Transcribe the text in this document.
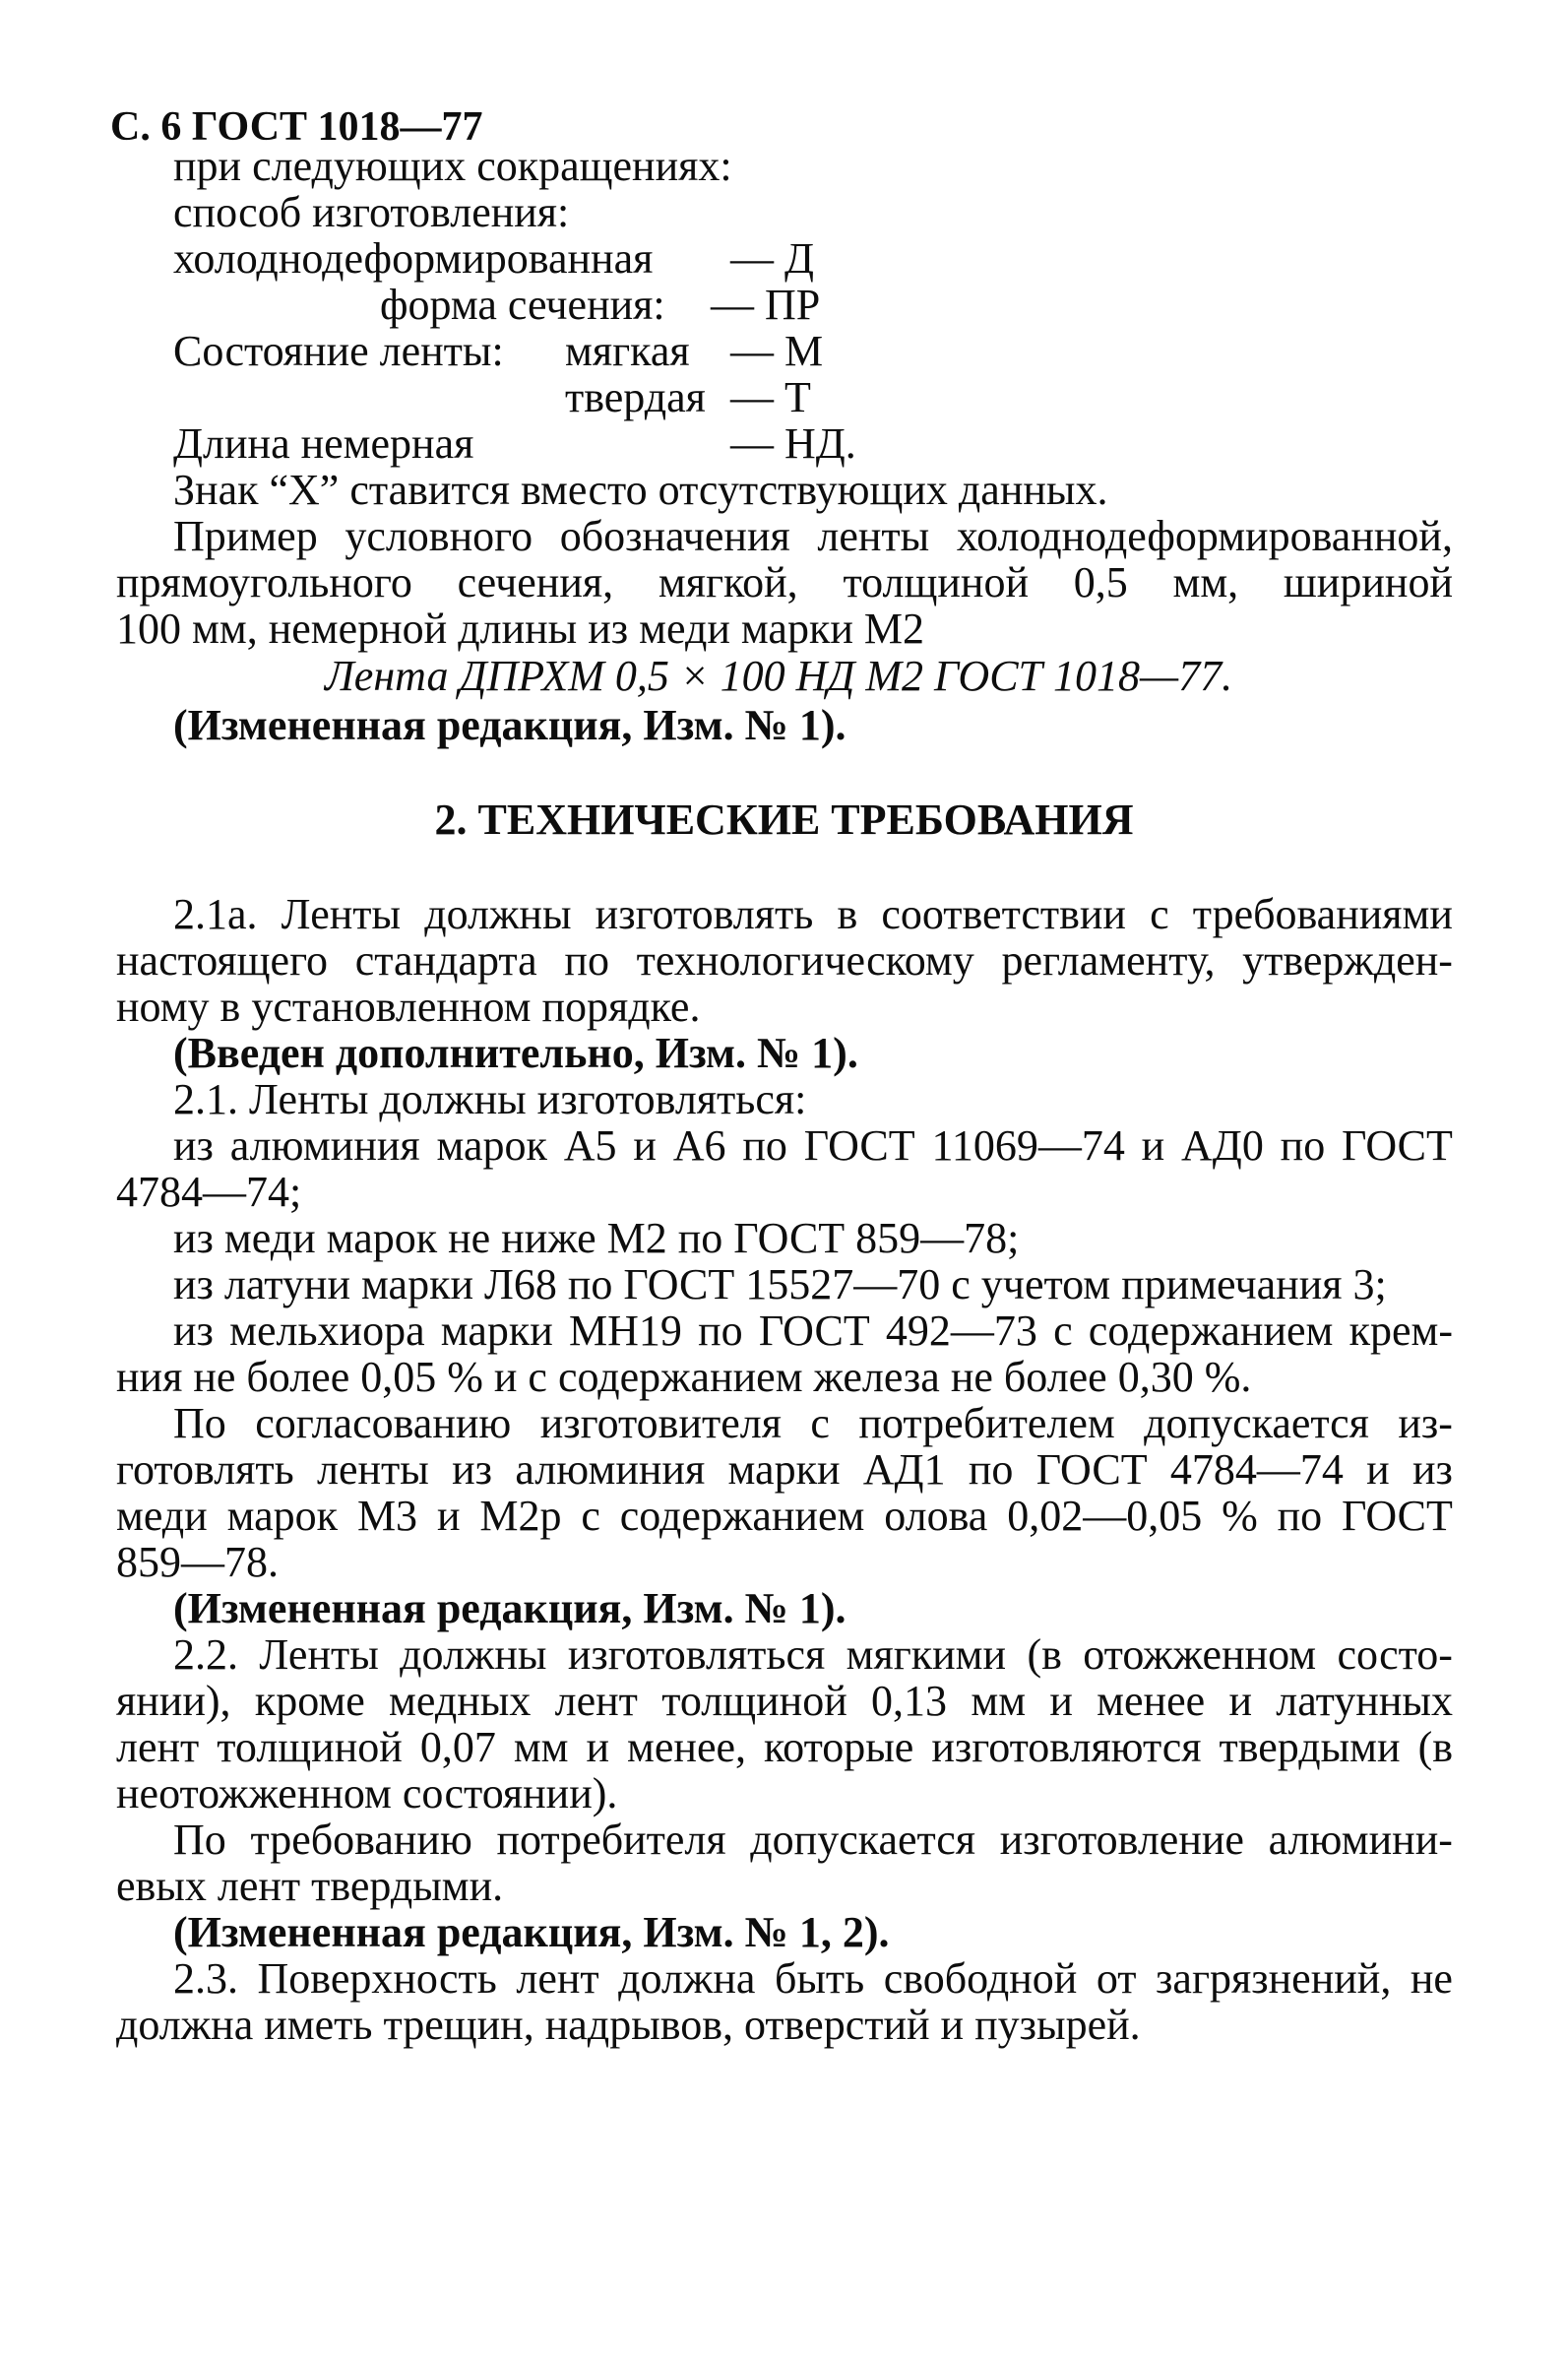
С. 6 ГОСТ 1018—77
при следующих сокращениях:
способ изготовления:
холоднодеформированная — Д
форма сечения: — ПР
Состояние ленты: мягкая — М
твердая — Т
Длина немерная	— НД.
Знак “Х” ставится вместо отсутствующих данных.
Пример условного обозначения ленты холоднодеформированной,
прямоугольного сечения, мягкой, толщиной 0,5 мм, шириной
100 мм, немерной длины из меди марки М2
Лента ДПРХМ 0,5 × 100 НД М2 ГОСТ 1018—77.
(Измененная редакция, Изм. № 1).
2. ТЕХНИЧЕСКИЕ ТРЕБОВАНИЯ
2.1а. Ленты должны изготовлять в соответствии с требованиями
настоящего стандарта по технологическому регламенту, утвержден-
ному в установленном порядке.
(Введен дополнительно, Изм. № 1).
2.1. Ленты должны изготовляться:
из алюминия марок А5 и А6 по ГОСТ 11069—74 и АД0 по ГОСТ
4784—74;
из меди марок не ниже М2 по ГОСТ 859—78;
из латуни марки Л68 по ГОСТ 15527—70 с учетом примечания 3;
из мельхиора марки МН19 по ГОСТ 492—73 с содержанием крем-
ния не более 0,05 % и с содержанием железа не более 0,30 %.
По согласованию изготовителя с потребителем допускается из-
готовлять ленты из алюминия марки АД1 по ГОСТ 4784—74 и из
меди марок М3 и М2р с содержанием олова 0,02—0,05 % по ГОСТ
859—78.
(Измененная редакция, Изм. № 1).
2.2. Ленты должны изготовляться мягкими (в отожженном состо-
янии), кроме медных лент толщиной 0,13 мм и менее и латунных
лент толщиной 0,07 мм и менее, которые изготовляются твердыми (в
неотожженном состоянии).
По требованию потребителя допускается изготовление алюмини-
евых лент твердыми.
(Измененная редакция, Изм. № 1, 2).
2.3. Поверхность лент должна быть свободной от загрязнений, не
должна иметь трещин, надрывов, отверстий и пузырей.
